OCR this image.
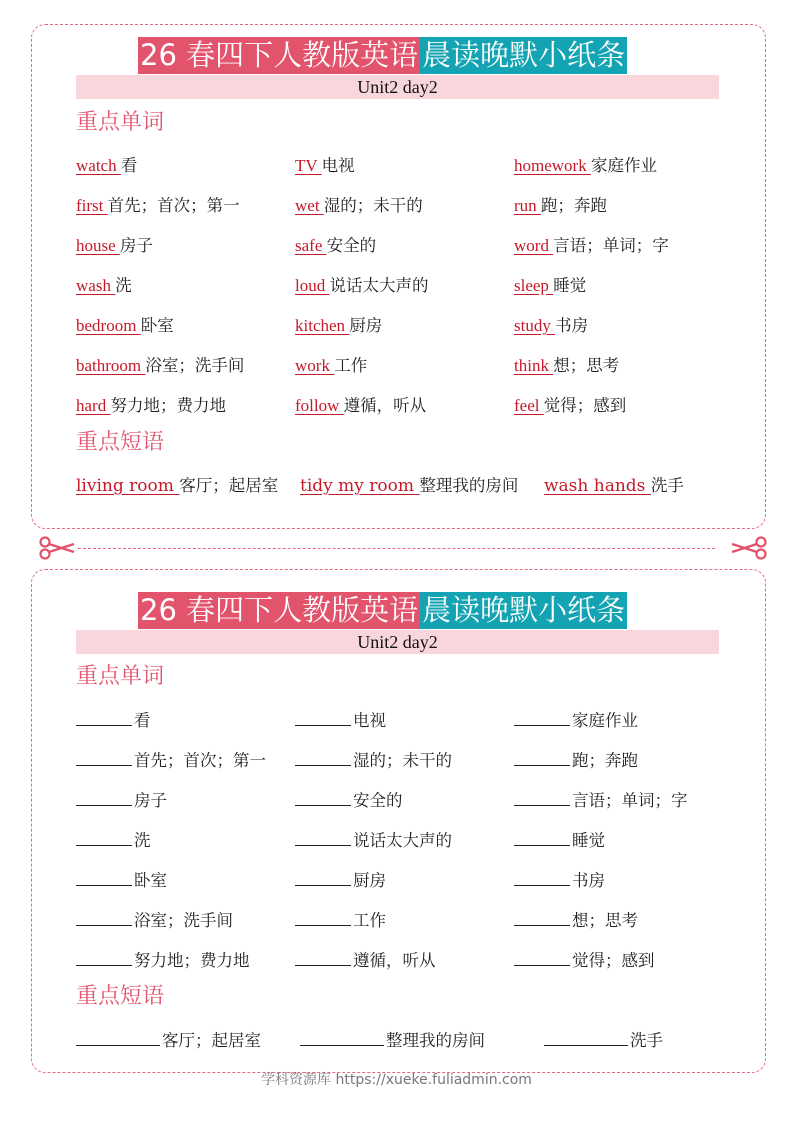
26 春四下人教版英语 晨读晚默小纸条
Unit2 day2
重点单词
watch 看	TV 电视	homework 家庭作业
first 首先；首次；第一	wet 湿的；未干的	run 跑；奔跑
house 房子	safe 安全的	word 言语；单词；字
wash 洗	loud 说话太大声的	sleep 睡觉
bedroom 卧室	kitchen 厨房	study 书房
bathroom 浴室；洗手间	work 工作	think 想；思考
hard 努力地；费力地	follow 遵循，听从	feel 觉得；感到
重点短语
living room 客厅；起居室 tidy my room 整理我的房间 wash hands 洗手
26 春四下人教版英语 晨读晚默小纸条
Unit2 day2
重点单词
看	电视	家庭作业
首先；首次；第一	湿的；未干的	跑；奔跑
房子	安全的	言语；单词；字
洗	说话太大声的	睡觉
卧室	厨房	书房
浴室；洗手间	工作	想；思考
努力地；费力地	遵循，听从	觉得；感到
重点短语
客厅；起居室	整理我的房间	洗手
学科资源库 https://xueke.fuliadmin.com
